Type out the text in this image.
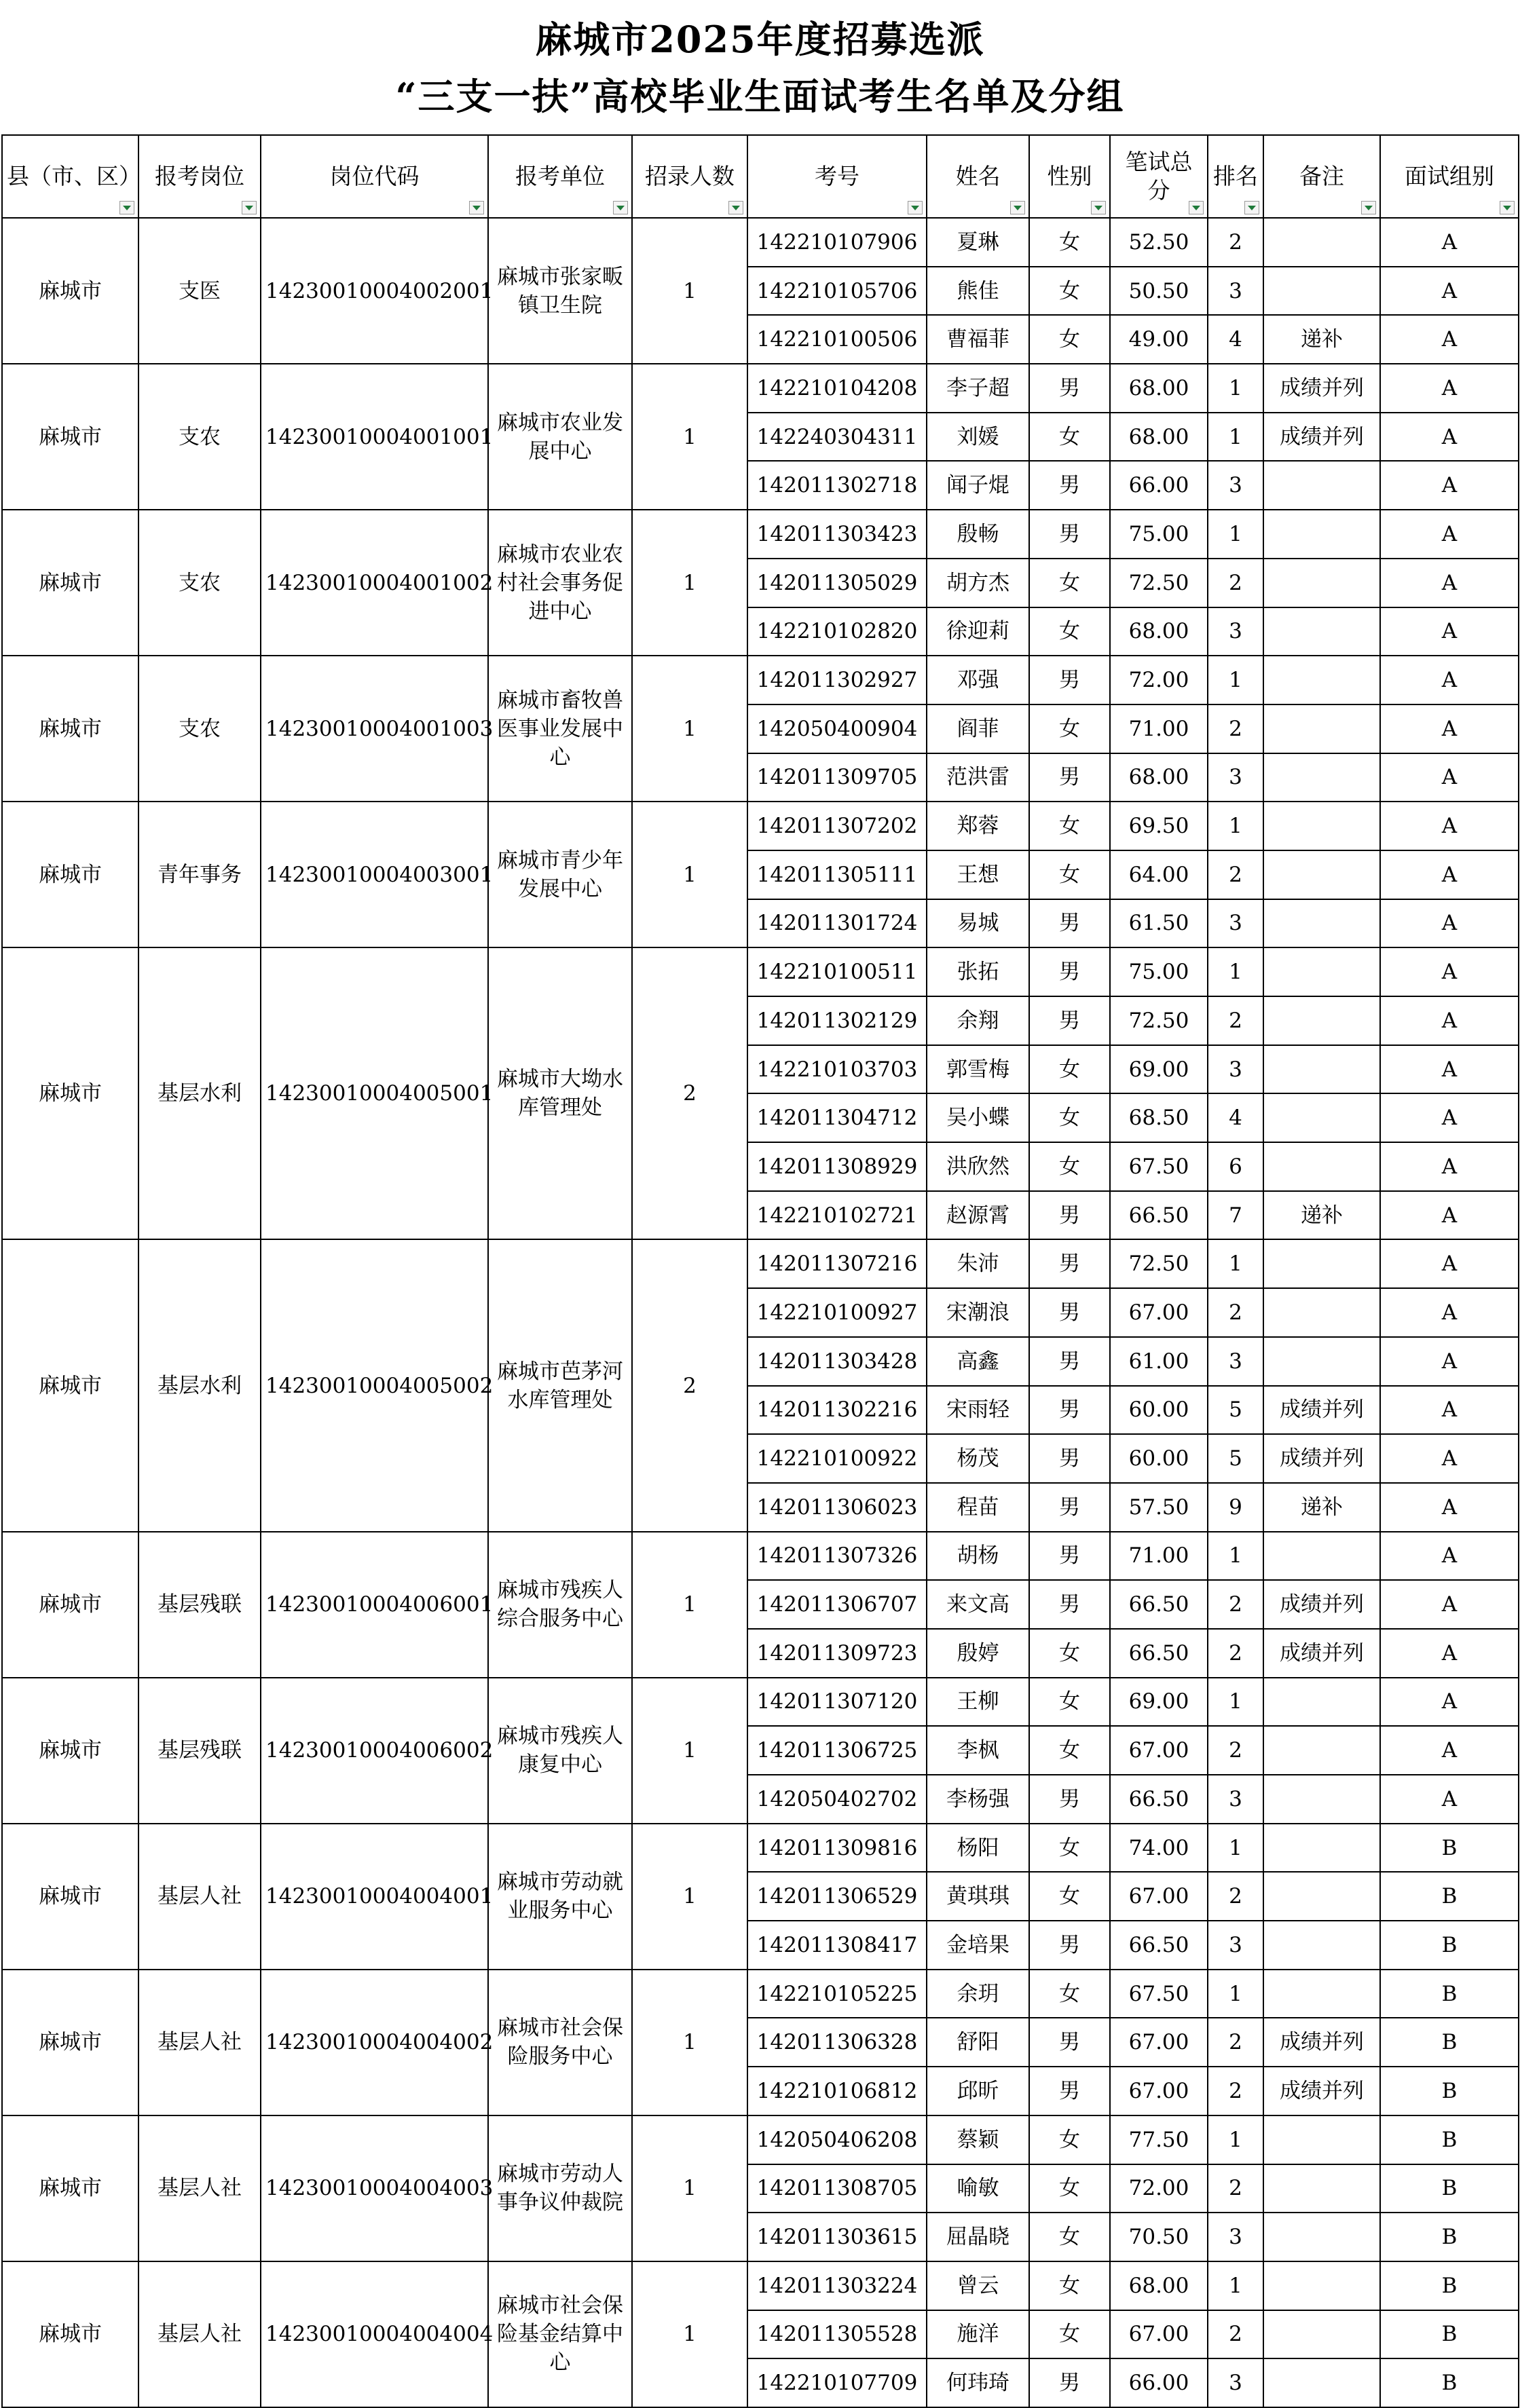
麻城市2025年度招募选派
“三支一扶”高校毕业生面试考生名单及分组
县（市、区）	报考岗位	岗位代码	报考单位	招录人数	考号	姓名	性别	笔试总分	排名	备注	面试组别

麻城市	支医	14230010004002001	麻城市张家畈镇卫生院	1	142210107906	夏琳	女	52.50	2		A
					142210105706	熊佳	女	50.50	3		A
					142210100506	曹福菲	女	49.00	4	递补	A
麻城市	支农	14230010004001001	麻城市农业发展中心	1	142210104208	李子超	男	68.00	1	成绩并列	A
					142240304311	刘媛	女	68.00	1	成绩并列	A
					142011302718	闻子焜	男	66.00	3		A
麻城市	支农	14230010004001002	麻城市农业农村社会事务促进中心	1	142011303423	殷畅	男	75.00	1		A
					142011305029	胡方杰	女	72.50	2		A
					142210102820	徐迎莉	女	68.00	3		A
麻城市	支农	14230010004001003	麻城市畜牧兽医事业发展中心	1	142011302927	邓强	男	72.00	1		A
					142050400904	阎菲	女	71.00	2		A
					142011309705	范洪雷	男	68.00	3		A
麻城市	青年事务	14230010004003001	麻城市青少年发展中心	1	142011307202	郑蓉	女	69.50	1		A
					142011305111	王想	女	64.00	2		A
					142011301724	易城	男	61.50	3		A
麻城市	基层水利	14230010004005001	麻城市大坳水库管理处	2	142210100511	张拓	男	75.00	1		A
					142011302129	余翔	男	72.50	2		A
					142210103703	郭雪梅	女	69.00	3		A
					142011304712	吴小蝶	女	68.50	4		A
					142011308929	洪欣然	女	67.50	6		A
					142210102721	赵源霄	男	66.50	7	递补	A
麻城市	基层水利	14230010004005002	麻城市芭茅河水库管理处	2	142011307216	朱沛	男	72.50	1		A
					142210100927	宋潮浪	男	67.00	2		A
					142011303428	高鑫	男	61.00	3		A
					142011302216	宋雨轻	男	60.00	5	成绩并列	A
					142210100922	杨茂	男	60.00	5	成绩并列	A
					142011306023	程苗	男	57.50	9	递补	A
麻城市	基层残联	14230010004006001	麻城市残疾人综合服务中心	1	142011307326	胡杨	男	71.00	1		A
					142011306707	来文高	男	66.50	2	成绩并列	A
					142011309723	殷婷	女	66.50	2	成绩并列	A
麻城市	基层残联	14230010004006002	麻城市残疾人康复中心	1	142011307120	王柳	女	69.00	1		A
					142011306725	李枫	女	67.00	2		A
					142050402702	李杨强	男	66.50	3		A
麻城市	基层人社	14230010004004001	麻城市劳动就业服务中心	1	142011309816	杨阳	女	74.00	1		B
					142011306529	黄琪琪	女	67.00	2		B
					142011308417	金培果	男	66.50	3		B
麻城市	基层人社	14230010004004002	麻城市社会保险服务中心	1	142210105225	余玥	女	67.50	1		B
					142011306328	舒阳	男	67.00	2	成绩并列	B
					142210106812	邱昕	男	67.00	2	成绩并列	B
麻城市	基层人社	14230010004004003	麻城市劳动人事争议仲裁院	1	142050406208	蔡颖	女	77.50	1		B
					142011308705	喻敏	女	72.00	2		B
					142011303615	屈晶晓	女	70.50	3		B
麻城市	基层人社	14230010004004004	麻城市社会保险基金结算中心	1	142011303224	曾云	女	68.00	1		B
					142011305528	施洋	女	67.00	2		B
					142210107709	何玮琦	男	66.00	3		B
